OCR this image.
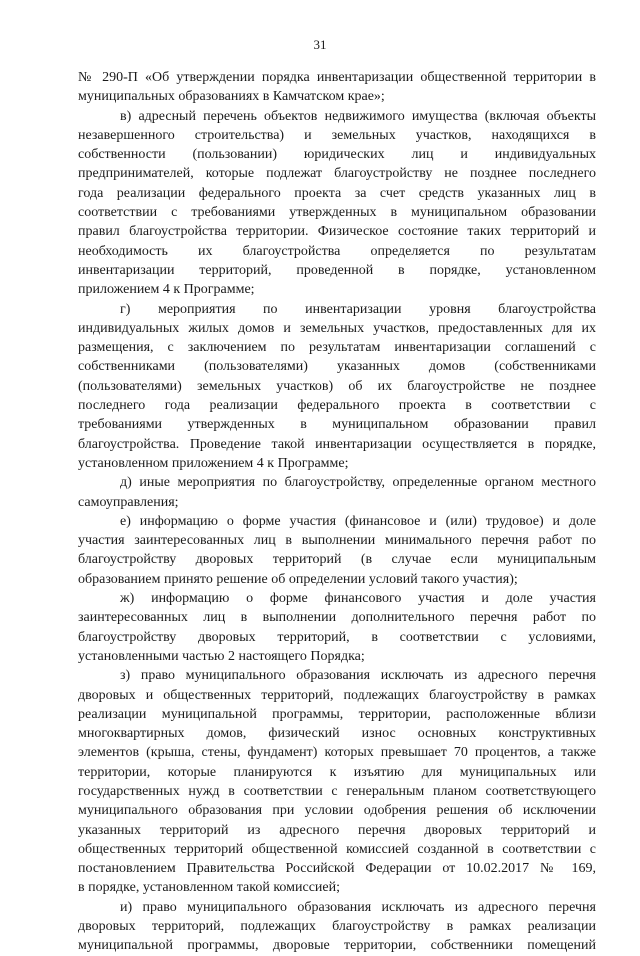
31
№ 290-П «Об утверждении порядка инвентаризации общественной территории в
муниципальных образованиях в Камчатском крае»;
в) адресный перечень объектов недвижимого имущества (включая объекты
незавершенного строительства) и земельных участков, находящихся в
собственности (пользовании) юридических лиц и индивидуальных
предпринимателей, которые подлежат благоустройству не позднее последнего
года реализации федерального проекта за счет средств указанных лиц в
соответствии с требованиями утвержденных в муниципальном образовании
правил благоустройства территории. Физическое состояние таких территорий и
необходимость их благоустройства определяется по результатам
инвентаризации территорий, проведенной в порядке, установленном
приложением 4 к Программе;
г) мероприятия по инвентаризации уровня благоустройства
индивидуальных жилых домов и земельных участков, предоставленных для их
размещения, с заключением по результатам инвентаризации соглашений с
собственниками (пользователями) указанных домов (собственниками
(пользователями) земельных участков) об их благоустройстве не позднее
последнего года реализации федерального проекта в соответствии с
требованиями утвержденных в муниципальном образовании правил
благоустройства. Проведение такой инвентаризации осуществляется в порядке,
установленном приложением 4 к Программе;
д) иные мероприятия по благоустройству, определенные органом местного
самоуправления;
е) информацию о форме участия (финансовое и (или) трудовое) и доле
участия заинтересованных лиц в выполнении минимального перечня работ по
благоустройству дворовых территорий (в случае если муниципальным
образованием принято решение об определении условий такого участия);
ж) информацию о форме финансового участия и доле участия
заинтересованных лиц в выполнении дополнительного перечня работ по
благоустройству дворовых территорий, в соответствии с условиями,
установленными частью 2 настоящего Порядка;
з) право муниципального образования исключать из адресного перечня
дворовых и общественных территорий, подлежащих благоустройству в рамках
реализации муниципальной программы, территории, расположенные вблизи
многоквартирных домов, физический износ основных конструктивных
элементов (крыша, стены, фундамент) которых превышает 70 процентов, а также
территории, которые планируются к изъятию для муниципальных или
государственных нужд в соответствии с генеральным планом соответствующего
муниципального образования при условии одобрения решения об исключении
указанных территорий из адресного перечня дворовых территорий и
общественных территорий общественной комиссией созданной в соответствии с
постановлением Правительства Российской Федерации от 10.02.2017 № 169,
в порядке, установленном такой комиссией;
и) право муниципального образования исключать из адресного перечня
дворовых территорий, подлежащих благоустройству в рамках реализации
муниципальной программы, дворовые территории, собственники помещений
